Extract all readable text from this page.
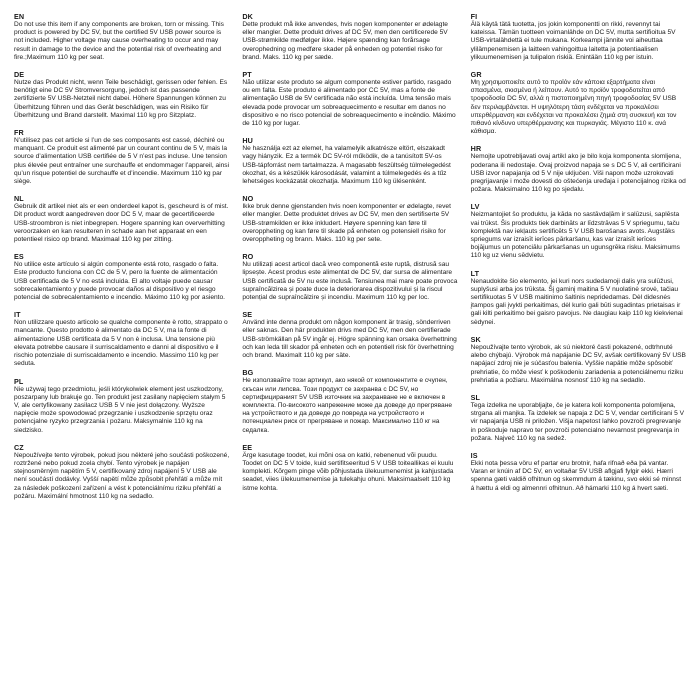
EN

Do not use this item if any components are broken, torn or missing. This product is powered by DC 5V, but the certified 5V USB power source is not included. Higher voltage may cause overheating to occur and may result in damage to the device and the potential risk of overheating and fire.;Maximum 110 kg per seat.

DE

Nutze das Produkt nicht, wenn Teile beschädigt, gerissen oder fehlen. Es benötigt eine DC 5V Stromversorgung, jedoch ist das passende zertifizierte 5V USB-Netzteil nicht dabei. Höhere Spannungen können zu Überhitzung führen und das Gerät beschädigen, was ein Risiko für Überhitzung und Brand darstellt. Maximal 110 kg pro Sitzplatz.

FR

N’utilisez pas cet article si l’un de ses composants est cassé, déchiré ou manquant. Ce produit est alimenté par un courant continu de 5 V, mais la source d’alimentation USB certifiée de 5 V n’est pas incluse. Une tension plus élevée peut entraîner une surchauffe et endommager l’appareil, ainsi qu’un risque potentiel de surchauffe et d’incendie. Maximum 110 kg par siège.

NL

Gebruik dit artikel niet als er een onderdeel kapot is, gescheurd is of mist. Dit product wordt aangedreven door DC 5 V, maar de gecertificeerde USB-stroombron is niet inbegrepen. Hogere spanning kan oververhitting veroorzaken en kan resulteren in schade aan het apparaat en een potentieel risico op brand. Maximaal 110 kg per zitting.

ES

No utilice este artículo si algún componente está roto, rasgado o falta. Este producto funciona con CC de 5 V, pero la fuente de alimentación USB certificada de 5 V no está incluida. El alto voltaje puede causar sobrecalentamiento y puede provocar daños al dispositivo y el riesgo potencial de sobrecalentamiento e incendio. Máximo 110 kg por asiento.

IT

Non utilizzare questo articolo se qualche componente è rotto, strappato o mancante. Questo prodotto è alimentato da DC 5 V, ma la fonte di alimentazione USB certificata da 5 V non è inclusa. Una tensione più elevata potrebbe causare il surriscaldamento e danni al dispositivo e il rischio potenziale di surriscaldamento e incendio. Massimo 110 kg per seduta.

PL

Nie używaj tego przedmiotu, jeśli którykolwiek element jest uszkodzony, poszarpany lub brakuje go. Ten produkt jest zasilany napięciem stałym 5 V, ale certyfikowany zasilacz USB 5 V nie jest dołączony. Wyższe napięcie może spowodować przegrzanie i uszkodzenie sprzętu oraz potencjalne ryzyko przegrzania i pożaru. Maksymalnie 110 kg na siedzisko.

CZ

Nepoužívejte tento výrobek, pokud jsou některé jeho součásti poškozené, roztržené nebo pokud zcela chybí. Tento výrobek je napájen stejnosměrným napětím 5 V, certifikovaný zdroj napájení 5 V USB ale není součástí dodávky. Vyšší napětí může způsobit přehřátí a může mít za následek poškození zařízení a vést k potenciálnímu riziku přehřátí a požáru. Maximální hmotnost 110 kg na sedadlo.

DK

Dette produkt må ikke anvendes, hvis nogen komponenter er ødelagte eller mangler. Dette produkt drives af DC 5V, men den certificerede 5V USB-strømkilde medfølger ikke. Højere spænding kan forårsage overophedning og medføre skader på enheden og potentiel risiko for brand. Maks. 110 kg per sæde.

PT

Não utilizar este produto se algum componente estiver partido, rasgado ou em falta. Este produto é alimentado por CC 5V, mas a fonte de alimentação USB de 5V certificada não está incluída. Uma tensão mais elevada pode provocar um sobreaquecimento e resultar em danos no dispositivo e no risco potencial de sobreaquecimento e incêndio. Máximo de 110 kg por lugar.

HU

Ne használja ezt az elemet, ha valamelyik alkatrésze eltört, elszakadt vagy hiányzik. Ez a termék DC 5V-ról működik, de a tanúsított 5V-os USB-tápforrást nem tartalmazza. A magasabb feszültség túlmelegedést okozhat, és a készülék károsodását, valamint a túlmelegedés és a tűz lehetséges kockázatát okozhatja. Maximum 110 kg ülésenként.

NO

Ikke bruk denne gjenstanden hvis noen komponenter er ødelagte, revet eller mangler. Dette produktet drives av DC 5V, men den sertifiserte 5V USB-strømkilden er ikke inkludert. Høyere spenning kan føre til overoppheting og kan føre til skade på enheten og potensiell risiko for overoppheting og brann. Maks. 110 kg per sete.

RO

Nu utilizați acest articol dacă vreo componentă este ruptă, distrusă sau lipsește. Acest produs este alimentat de DC 5V, dar sursa de alimentare USB certificată de 5V nu este inclusă. Tensiunea mai mare poate provoca supraîncălzirea și poate duce la deteriorarea dispozitivului și la riscul potențial de supraîncălzire și incendiu. Maximum 110 kg per loc.

SE

Använd inte denna produkt om någon komponent är trasig, sönderriven eller saknas. Den här produkten drivs med DC 5V, men den certifierade USB-strömkällan på 5V ingår ej. Högre spänning kan orsaka överhettning och kan leda till skador på enheten och en potentiell risk för överhettning och brand. Maximalt 110 kg per säte.

BG

Не използвайте този артикул, ако някой от компонентите е счупен, скъсан или липсва. Този продукт се захранва с DC 5V, но сертифицираният 5V USB източник на захранване не е включен в комплекта. По-високото напрежение може да доведе до прегряване на устройството и да доведе до повреда на устройството и потенциален риск от прегряване и пожар. Максимално 110 кг на седалка.

EE

Ärge kasutage toodet, kui mõni osa on katki, rebenenud või puudu. Toodet on DC 5 V toide, kuid sertifitseeritud 5 V USB toiteallikas ei kuulu komplekti. Kõrgem pinge võib põhjustada ülekuumenemist ja kahjustada seadet, viies ülekuumenemise ja tulekahju ohuni. Maksimaalselt 110 kg istme kohta.

FI

Älä käytä tätä tuotetta, jos jokin komponentti on rikki, revennyt tai kateissa. Tämän tuotteen voimanlähde on DC 5V, mutta sertifioitua 5V USB-virtalähdettä ei tule mukana. Korkeampi jännite voi aiheuttaa ylilämpenemisen ja laitteen vahingoittua laitetta ja potentiaalisen ylikuumenemisen ja tulipalon riskiä. Enintään 110 kg per istuin.

GR

Μη χρησιμοποιείτε αυτό το προϊόν εάν κάποια εξαρτήματα είναι σπασμένα, σκισμένα ή λείπουν. Αυτό το προϊόν τροφοδοτείται από τροφοδοσία DC 5V, αλλά η πιστοποιημένη πηγή τροφοδοσίας 5V USB δεν περιλαμβάνεται. Η υψηλότερη τάση ενδέχεται να προκαλέσει υπερθέρμανση και ενδέχεται να προκαλέσει ζημιά στη συσκευή και τον πιθανό κίνδυνο υπερθέρμανσης και πυρκαγιάς. Μέγιστο 110 κ. ανά κάθισμα.

HR

Nemojte upotrebljavati ovaj artikl ako je bilo koja komponenta slomljena, poderana ili nedostaje. Ovaj proizvod napaja se s DC 5 V, ali certificirani USB izvor napajanja od 5 V nije uključen. Viši napon može uzrokovati pregrijavanje i može dovesti do oštećenja uređaja i potencijalnog rizika od požara. Maksimalno 110 kg po sjedalu.

LV

Neizmantojiet šo produktu, ja kāda no sastāvdaļām ir salūzusi, saplēsta vai trūkst. Šis produkts tiek darbināts ar līdzstrāvas 5 V spriegumu, taču komplektā nav iekļauts sertificēts 5 V USB barošanas avots. Augstāks spriegums var izraisīt ierīces pārkaršanu, kas var izraisīt ierīces bojājumus un potenciālu pārkaršanas un ugunsgrēka risku. Maksimums 110 kg uz vienu sēdvietu.

LT

Nenaudokite šio elemento, jei kuri nors sudedamoji dalis yra sulūžusi, suplyšusi arba jos trūksta. Šį gaminį maitina 5 V nuolatinė srovė, tačiau sertifikuotas 5 V USB maitinimo šaltinis nepridedamas. Dėl didesnės įtampos gali įvykti perkaitimas, dėl kurio gali būti sugadintas prietaisas ir gali kilti perkaitimo bei gaisro pavojus. Ne daugiau kaip 110 kg kiekvienai sėdynei.

SK

Nepoužívajte tento výrobok, ak sú niektoré časti pokazené, odtrhnuté alebo chýbajú. Výrobok má napájanie DC 5V, avšak certifikovaný 5V USB napájací zdroj nie je súčasťou balenia. Vyššie napätie môže spôsobiť prehriatie, čo môže viesť k poškodeniu zariadenia a potenciálnemu riziku prehriatia a požiaru. Maximálna nosnosť 110 kg na sedadlo.

SL

Tega izdelka ne uporabljajte, če je katera koli komponenta polomljena, strgana ali manjka. Ta izdelek se napaja z DC 5 V, vendar certificirani 5 V vir napajanja USB ni priložen. Višja napetost lahko povzroči pregrevanje in poškoduje napravo ter povzroči potencialno nevarnost pregrevanja in požara. Največ 110 kg na sedež.

IS

Ekki nota þessa vöru ef partar eru brotnir, hafa rifnað eða þá vantar. Varan er knúin af DC 5V, en voltaðar 5V USB aflgjafi fylgir ekki. Hærri spenna gæti valdið ofhitnun og skemmdum á tækinu, svo ekki sé minnst á hættu á eldi og almennri ofhitnun. Að hámarki 110 kg á hvert sæti.
